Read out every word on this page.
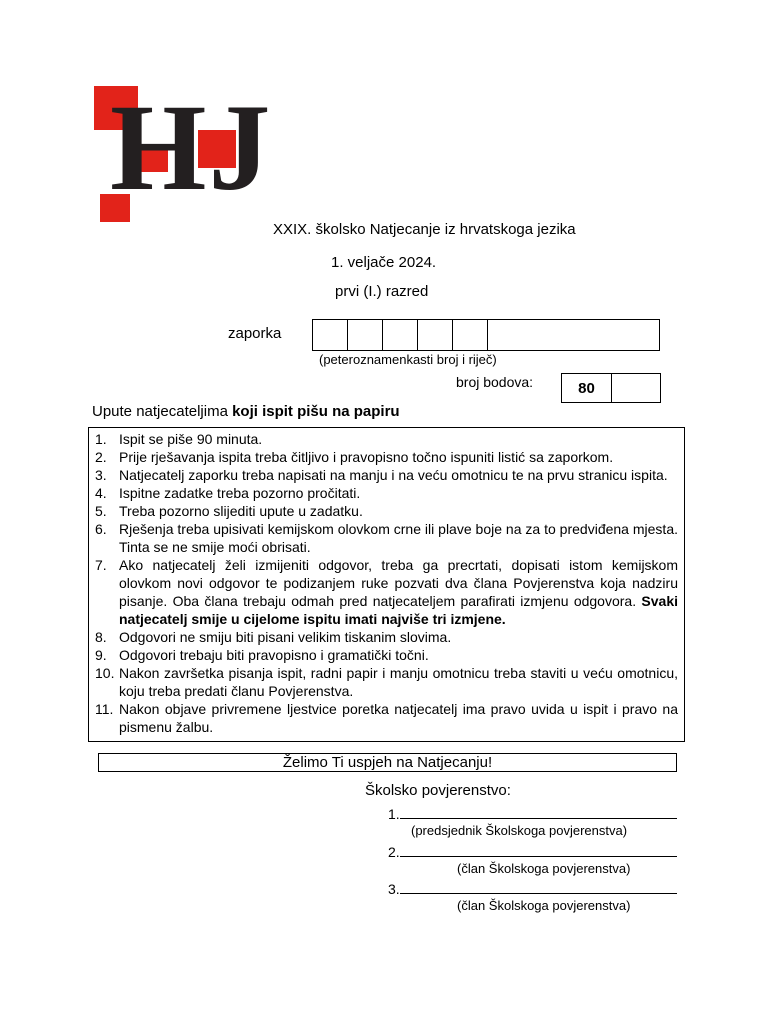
HJ
XXIX. školsko Natjecanje iz hrvatskoga jezika
1. veljače 2024.
prvi (I.) razred
zaporka
(peteroznamenkasti broj i riječ)
broj bodova:	80
Upute natjecateljima koji ispit pišu na papiru
1. Ispit se piše 90 minuta.
2. Prije rješavanja ispita treba čitljivo i pravopisno točno ispuniti listić sa zaporkom.
3. Natjecatelj zaporku treba napisati na manju i na veću omotnicu te na prvu stranicu ispita.
4. Ispitne zadatke treba pozorno pročitati.
5. Treba pozorno slijediti upute u zadatku.
6. Rješenja treba upisivati kemijskom olovkom crne ili plave boje na za to predviđena mjesta. Tinta se ne smije moći obrisati.
7. Ako natjecatelj želi izmijeniti odgovor, treba ga precrtati, dopisati istom kemijskom olovkom novi odgovor te podizanjem ruke pozvati dva člana Povjerenstva koja nadziru pisanje. Oba člana trebaju odmah pred natjecateljem parafirati izmjenu odgovora. Svaki natjecatelj smije u cijelome ispitu imati najviše tri izmjene.
8. Odgovori ne smiju biti pisani velikim tiskanim slovima.
9. Odgovori trebaju biti pravopisno i gramatički točni.
10. Nakon završetka pisanja ispit, radni papir i manju omotnicu treba staviti u veću omotnicu, koju treba predati članu Povjerenstva.
11. Nakon objave privremene ljestvice poretka natjecatelj ima pravo uvida u ispit i pravo na pismenu žalbu.
Želimo Ti uspjeh na Natjecanju!
Školsko povjerenstvo:
1.
(predsjednik Školskoga povjerenstva)
2.
(član Školskoga povjerenstva)
3.
(član Školskoga povjerenstva)
